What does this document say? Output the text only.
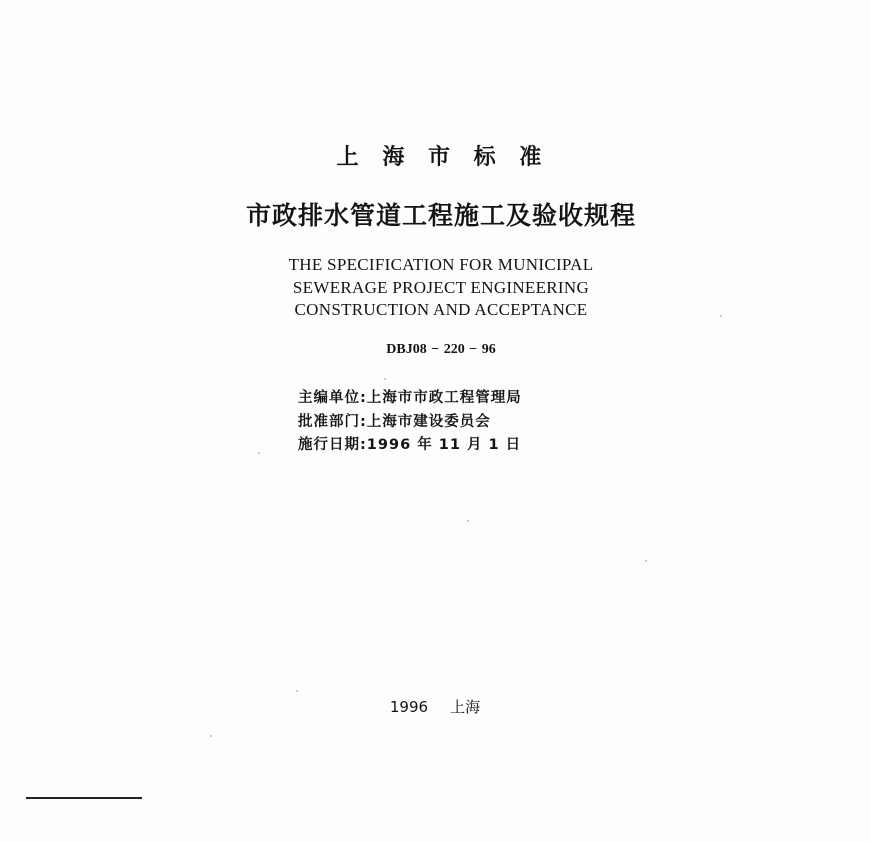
上 海 市 标 准
市政排水管道工程施工及验收规程
THE SPECIFICATION FOR MUNICIPAL
SEWERAGE PROJECT ENGINEERING
CONSTRUCTION AND ACCEPTANCE
DBJ08 − 220 − 96
主编单位:上海市市政工程管理局
批准部门:上海市建设委员会
施行日期:1996 年 11 月 1 日
1996 上海
